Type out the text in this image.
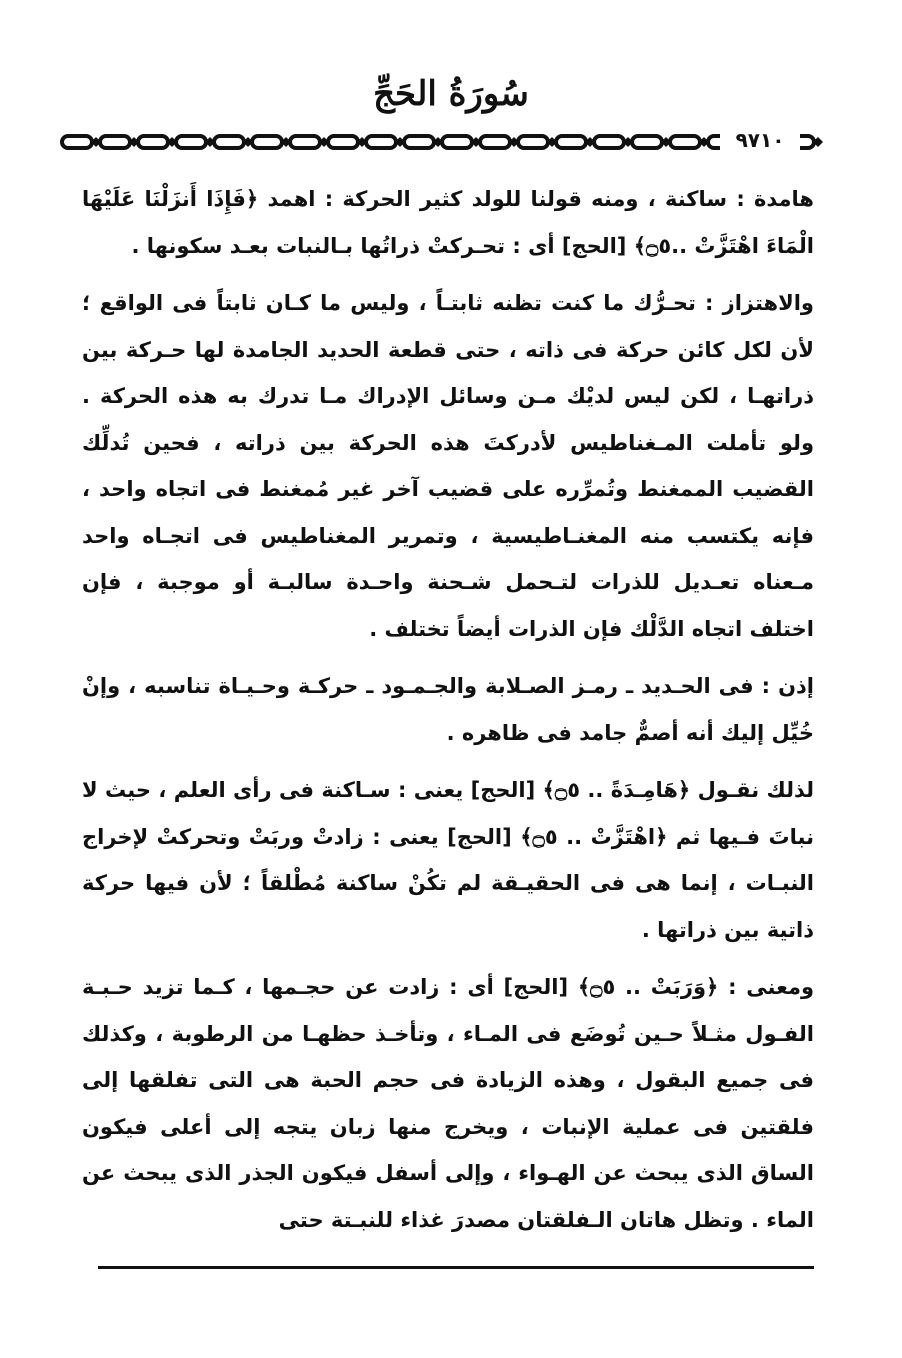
سُورَةُ الحَجِّ
٩٧١٠

هامدة : ساكنة ، ومنه قولنا للولد كثير الحركة : اهمد ﴿فَإِذَا أَنزَلْنَا عَلَيْهَا الْمَاءَ اهْتَزَّتْ ..۝٥﴾ [الحج] أى : تحـركتْ ذراتُها بـالنبات بعـد سكونها .

والاهتزاز : تحـرُّك ما كنت تظنه ثابتـاً ، وليس ما كـان ثابتاً فى الواقع ؛ لأن لكل كائن حركة فى ذاته ، حتى قطعة الحديد الجامدة لها حـركة بين ذراتهـا ، لكن ليس لديْك مـن وسائل الإدراك مـا تدرك به هذه الحركة . ولو تأملت المـغناطيس لأدركتَ هذه الحركة بين ذراته ، فحين تُدلِّك القضيب الممغنط وتُمرِّره على قضيب آخر غير مُمغنط فى اتجاه واحد ، فإنه يكتسب منه المغنـاطيسية ، وتمرير المغناطيس فى اتجـاه واحد مـعناه تعـديل للذرات لتـحمل شـحنة واحـدة سالبـة أو موجبة ، فإن اختلف اتجاه الدَّلْك فإن الذرات أيضاً تختلف .

إذن : فى الحـديد ـ رمـز الصـلابة والجـمـود ـ حركـة وحـيـاة تناسبه ، وإنْ خُيِّل إليك أنه أصمٌّ جامد فى ظاهره .

لذلك نقـول ﴿هَامِـدَةً .. ۝٥﴾ [الحج] يعنى : سـاكنة فى رأى العلم ، حيث لا نباتَ فـيها ثم ﴿اهْتَزَّتْ .. ۝٥﴾ [الحج] يعنى : زادتْ وربَتْ وتحركتْ لإخراج النبـات ، إنما هى فى الحقيـقة لم تكُنْ ساكنة مُطْلقاً ؛ لأن فيها حركة ذاتية بين ذراتها .

ومعنى : ﴿وَرَبَتْ .. ۝٥﴾ [الحج] أى : زادت عن حجـمها ، كـما تزيد حـبـة الفـول مثـلاً حـين تُوضَع فى المـاء ، وتأخـذ حظهـا من الرطوبة ، وكذلك فى جميع البقول ، وهذه الزيادة فى حجم الحبة هى التى تفلقها إلى فلقتين فى عملية الإنبات ، ويخرج منها زبان يتجه إلى أعلى فيكون الساق الذى يبحث عن الهـواء ، وإلى أسفل فيكون الجذر الذى يبحث عن الماء . وتظل هاتان الـفلقتان مصدرَ غذاء للنبـتة حتى
